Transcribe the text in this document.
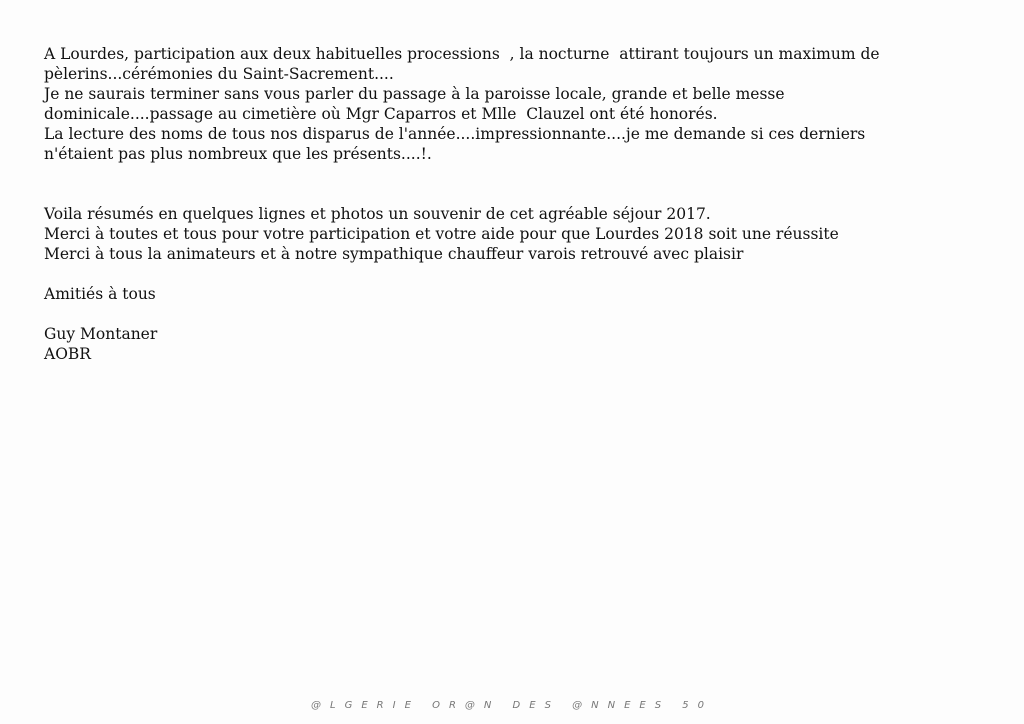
A Lourdes, participation aux deux habituelles processions  , la nocturne  attirant toujours un maximum de

pèlerins...cérémonies du Saint-Sacrement....

Je ne saurais terminer sans vous parler du passage à la paroisse locale, grande et belle messe

dominicale....passage au cimetière où Mgr Caparros et Mlle  Clauzel ont été honorés.

La lecture des noms de tous nos disparus de l'année....impressionnante....je me demande si ces derniers

n'étaient pas plus nombreux que les présents....!.

Voila résumés en quelques lignes et photos un souvenir de cet agréable séjour 2017.

Merci à toutes et tous pour votre participation et votre aide pour que Lourdes 2018 soit une réussite

Merci à tous la animateurs et à notre sympathique chauffeur varois retrouvé avec plaisir

Amitiés à tous

Guy Montaner

AOBR

@LGERIE OR@N DES @NNEES 50
